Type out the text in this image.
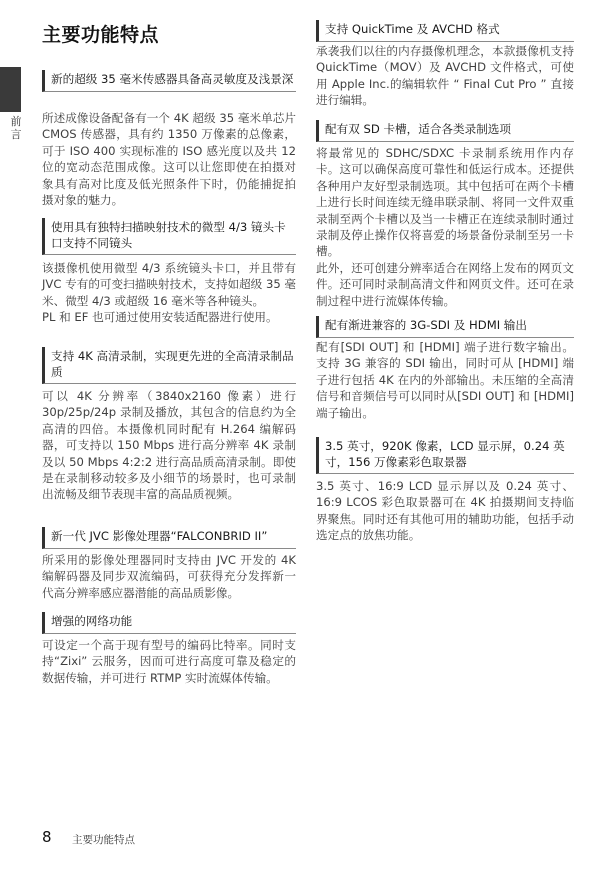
主要功能特点
前言
新的超级 35 毫米传感器具备高灵敏度及浅景深

所述成像设备配备有一个 4K 超级 35 毫米单芯片 CMOS 传感器，具有约 1350 万像素的总像素，可于 ISO 400 实现标准的 ISO 感光度以及共 12 位的宽动态范围成像。这可以让您即使在拍摄对象具有高对比度及低光照条件下时，仍能捕捉拍摄对象的魅力。

使用具有独特扫描映射技术的微型 4/3 镜头卡口支持不同镜头

该摄像机使用微型 4/3 系统镜头卡口，并且带有 JVC 专有的可变扫描映射技术，支持如超级 35 毫米、微型 4/3 或超级 16 毫米等各种镜头。

PL 和 EF 也可通过使用安装适配器进行使用。

支持 4K 高清录制，实现更先进的全高清录制品质

可以 4K 分辨率（3840x2160 像素）进行 30p/25p/24p 录制及播放，其包含的信息约为全高清的四倍。本摄像机同时配有 H.264 编解码器，可支持以 150 Mbps 进行高分辨率 4K 录制及以 50 Mbps 4:2:2 进行高品质高清录制。即使是在录制移动较多及小细节的场景时，也可录制出流畅及细节表现丰富的高品质视频。

新一代 JVC 影像处理器“FALCONBRID II”

所采用的影像处理器同时支持由 JVC 开发的 4K 编解码器及同步双流编码，可获得充分发挥新一代高分辨率感应器潜能的高品质影像。

增强的网络功能

可设定一个高于现有型号的编码比特率。同时支持“Zixi” 云服务，因而可进行高度可靠及稳定的数据传输，并可进行 RTMP 实时流媒体传输。

支持 QuickTime 及 AVCHD 格式

承袭我们以往的内存摄像机理念，本款摄像机支持 QuickTime（MOV）及 AVCHD 文件格式，可使用 Apple Inc.的编辑软件 “ Final Cut Pro ” 直接进行编辑。

配有双 SD 卡槽，适合各类录制选项

将最常见的 SDHC/SDXC 卡录制系统用作内存卡。这可以确保高度可靠性和低运行成本。还提供各种用户友好型录制选项。其中包括可在两个卡槽上进行长时间连续无缝串联录制、将同一文件双重录制至两个卡槽以及当一卡槽正在连续录制时通过录制及停止操作仅将喜爱的场景备份录制至另一卡槽。

此外，还可创建分辨率适合在网络上发布的网页文件。还可同时录制高清文件和网页文件。还可在录制过程中进行流媒体传输。

配有渐进兼容的 3G-SDI 及 HDMI 输出

配有[SDI OUT] 和 [HDMI] 端子进行数字输出。支持 3G 兼容的 SDI 输出，同时可从 [HDMI] 端子进行包括 4K 在内的外部输出。未压缩的全高清信号和音频信号可以同时从[SDI OUT] 和 [HDMI] 端子输出。

3.5 英寸，920K 像素，LCD 显示屏，0.24 英寸，156 万像素彩色取景器

3.5 英寸、16:9 LCD 显示屏以及 0.24 英寸、16:9 LCOS 彩色取景器可在 4K 拍摄期间支持临界聚焦。同时还有其他可用的辅助功能，包括手动选定点的放焦功能。

8 主要功能特点
